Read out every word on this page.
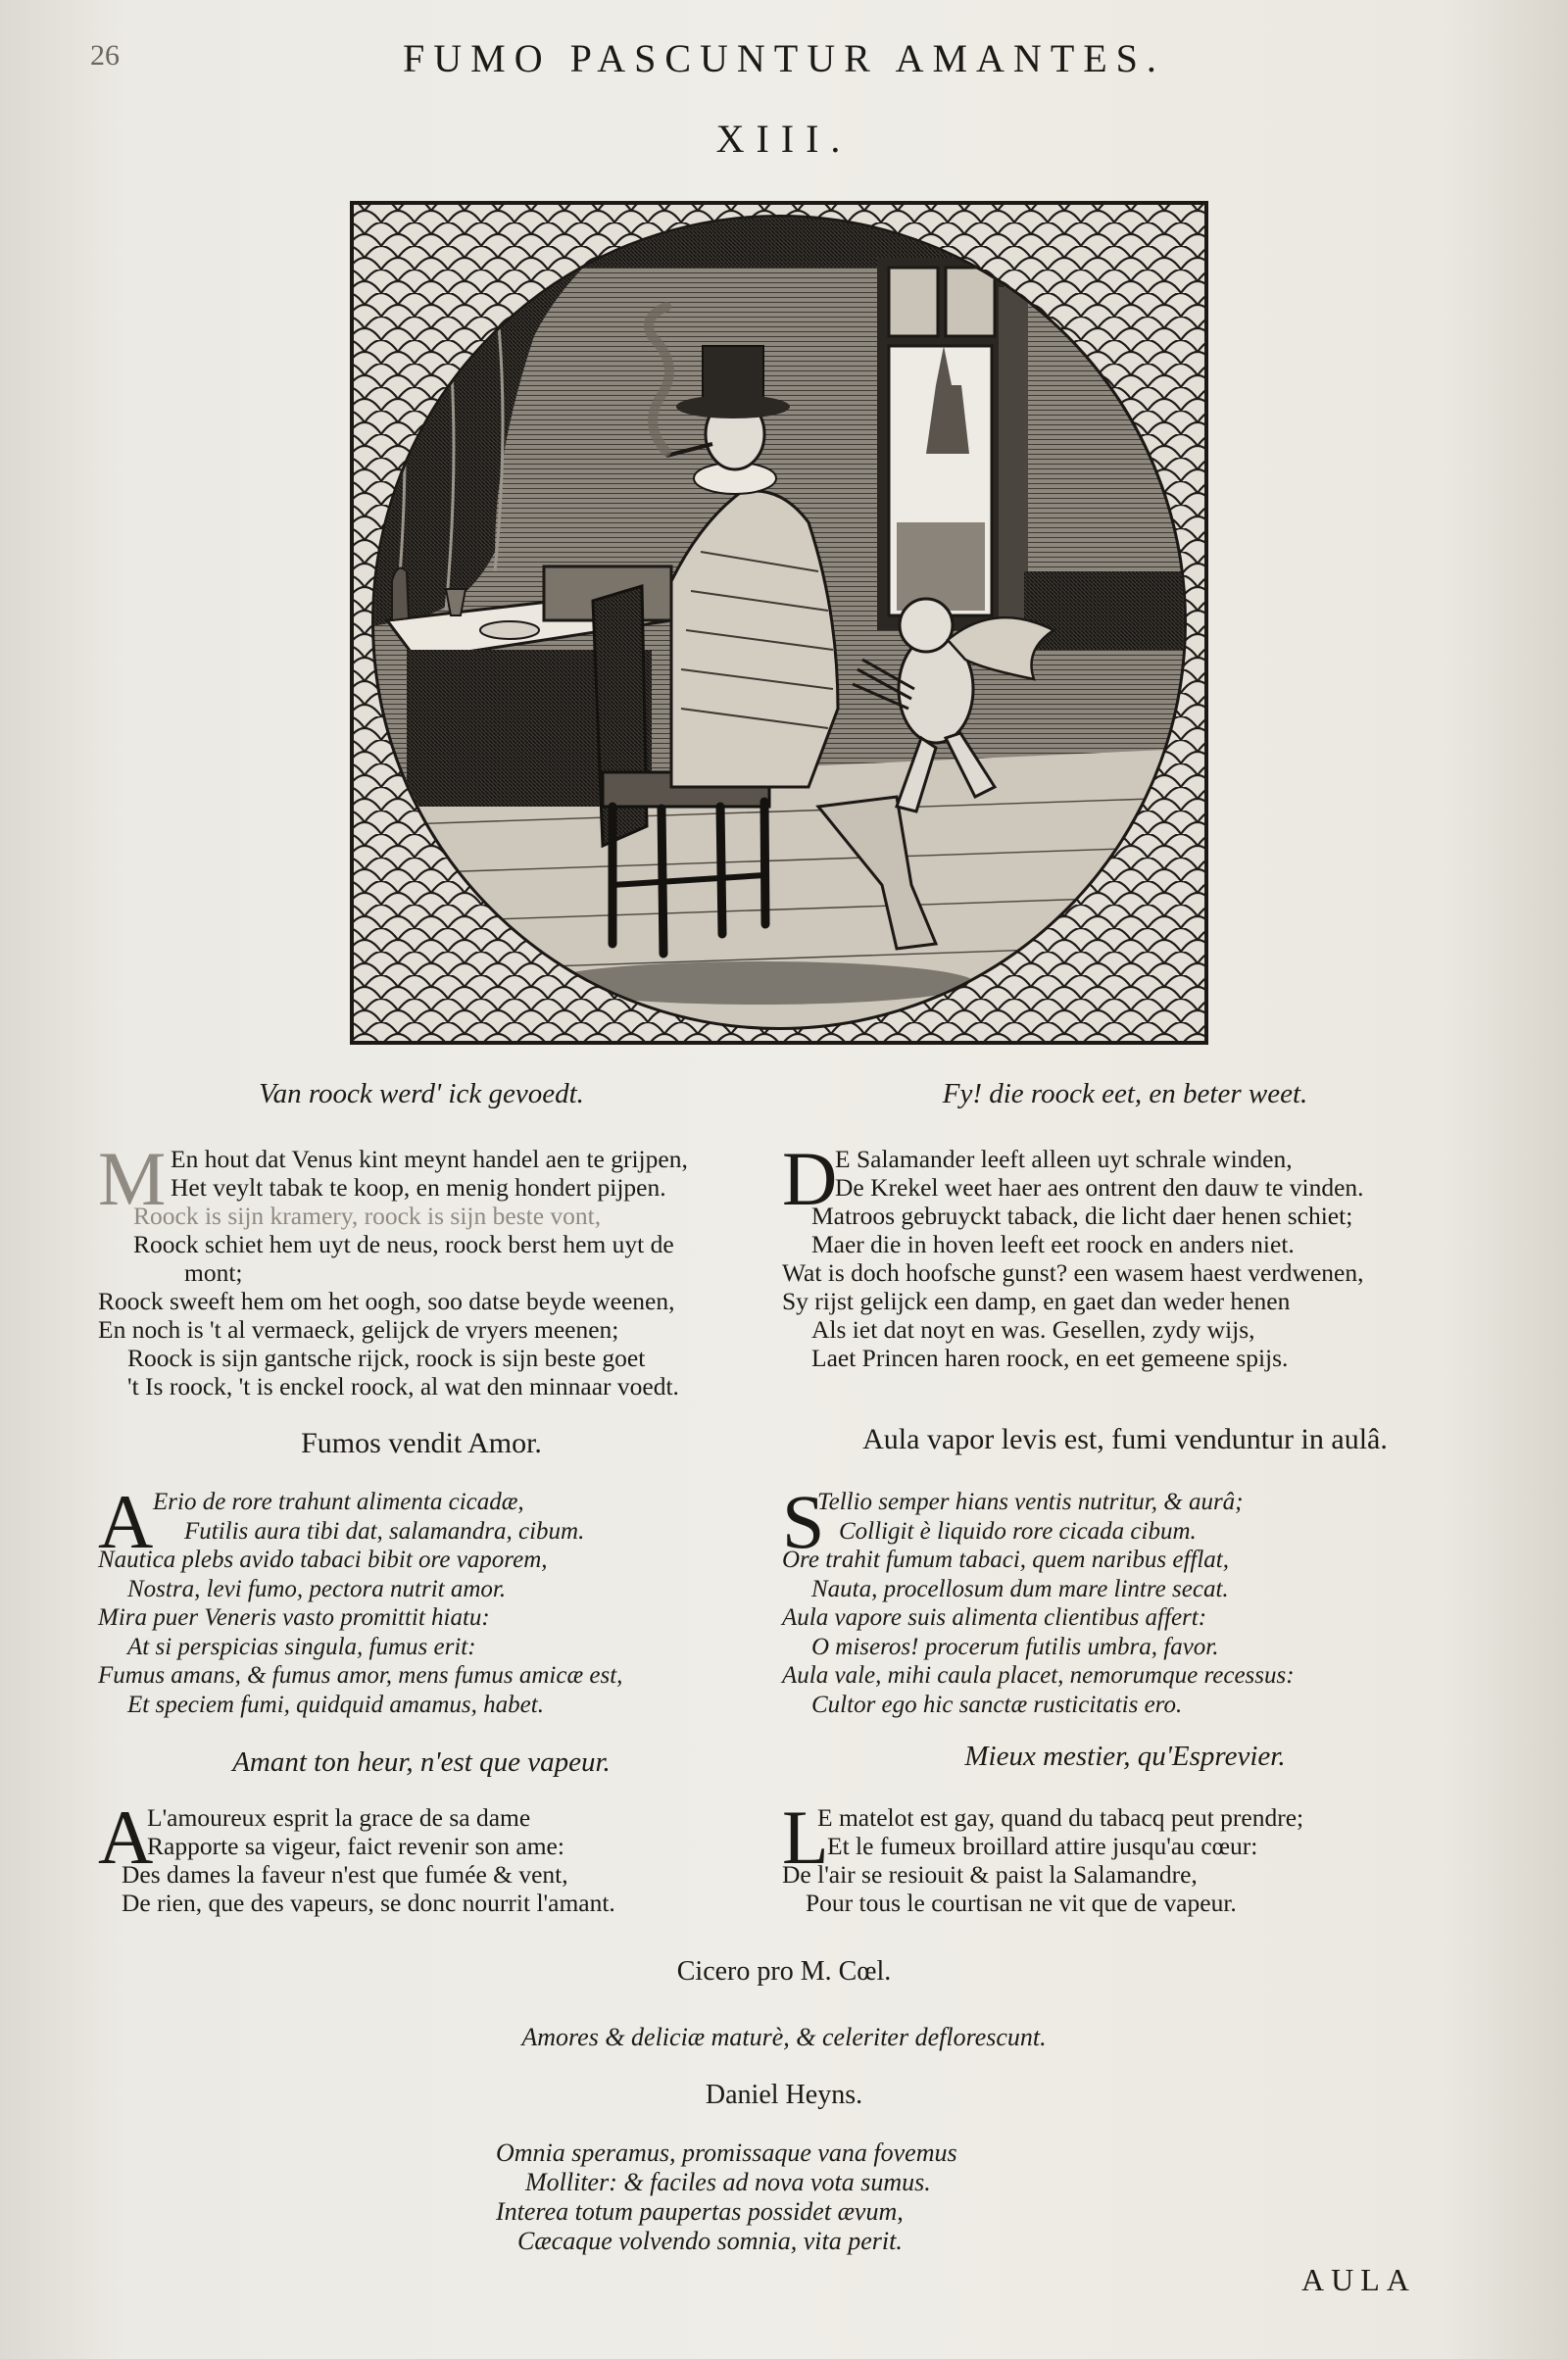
26	FUMO PASCUNTUR AMANTES.
XIII.
Van roock werd' ick gevoedt.
M En hout dat Venus kint meynt handel aen te grijpen,
Het veylt tabak te koop, en menig hondert pijpen.
Roock is sijn kramery, roock is sijn beste vont,
Roock schiet hem uyt de neus, roock berst hem uyt de
mont;
Roock sweeft hem om het oogh, soo datse beyde weenen,
En noch is 't al vermaeck, gelijck de vryers meenen;
Roock is sijn gantsche rijck, roock is sijn beste goet
't Is roock, 't is enckel roock, al wat den minnaar voedt.
Fumos vendit Amor.
A Erio de rore trahunt alimenta cicadæ,
Futilis aura tibi dat, salamandra, cibum.
Nautica plebs avido tabaci bibit ore vaporem,
Nostra, levi fumo, pectora nutrit amor.
Mira puer Veneris vasto promittit hiatu:
At si perspicias singula, fumus erit:
Fumus amans, & fumus amor, mens fumus amicæ est,
Et speciem fumi, quidquid amamus, habet.
Amant ton heur, n'est que vapeur.
A
L'amoureux esprit la grace de sa dame
Rapporte sa vigeur, faict revenir son ame:
Des dames la faveur n'est que fumée & vent,
De rien, que des vapeurs, se donc nourrit l'amant.
Fy! die roock eet, en beter weet.
D
E Salamander leeft alleen uyt schrale winden,
De Krekel weet haer aes ontrent den dauw te vinden.
Matroos gebruyckt taback, die licht daer henen schiet;
Maer die in hoven leeft eet roock en anders niet.
Wat is doch hoofsche gunst? een wasem haest verdwenen,
Sy rijst gelijck een damp, en gaet dan weder henen
Als iet dat noyt en was. Gesellen, zydy wijs,
Laet Princen haren roock, en eet gemeene spijs.
Aula vapor levis est, fumi venduntur in aulâ.
S
Tellio semper hians ventis nutritur, & aurâ;
Colligit è liquido rore cicada cibum.
Ore trahit fumum tabaci, quem naribus efflat,
Nauta, procellosum dum mare lintre secat.
Aula vapore suis alimenta clientibus affert:
O miseros! procerum futilis umbra, favor.
Aula vale, mihi caula placet, nemorumque recessus:
Cultor ego hic sanctæ rusticitatis ero.
Mieux mestier, qu'Esprevier.
L
E matelot est gay, quand du tabacq peut prendre;
Et le fumeux broillard attire jusqu'au cœur:
De l'air se resiouit & paist la Salamandre,
Pour tous le courtisan ne vit que de vapeur.
Cicero pro M. Cœl.
Amores & deliciæ maturè, & celeriter deflorescunt.
Daniel Heyns.
Omnia speramus, promissaque vana fovemus
Molliter: & faciles ad nova vota sumus.
Interea totum paupertas possidet ævum,
Cæcaque volvendo somnia, vita perit.
AULA
